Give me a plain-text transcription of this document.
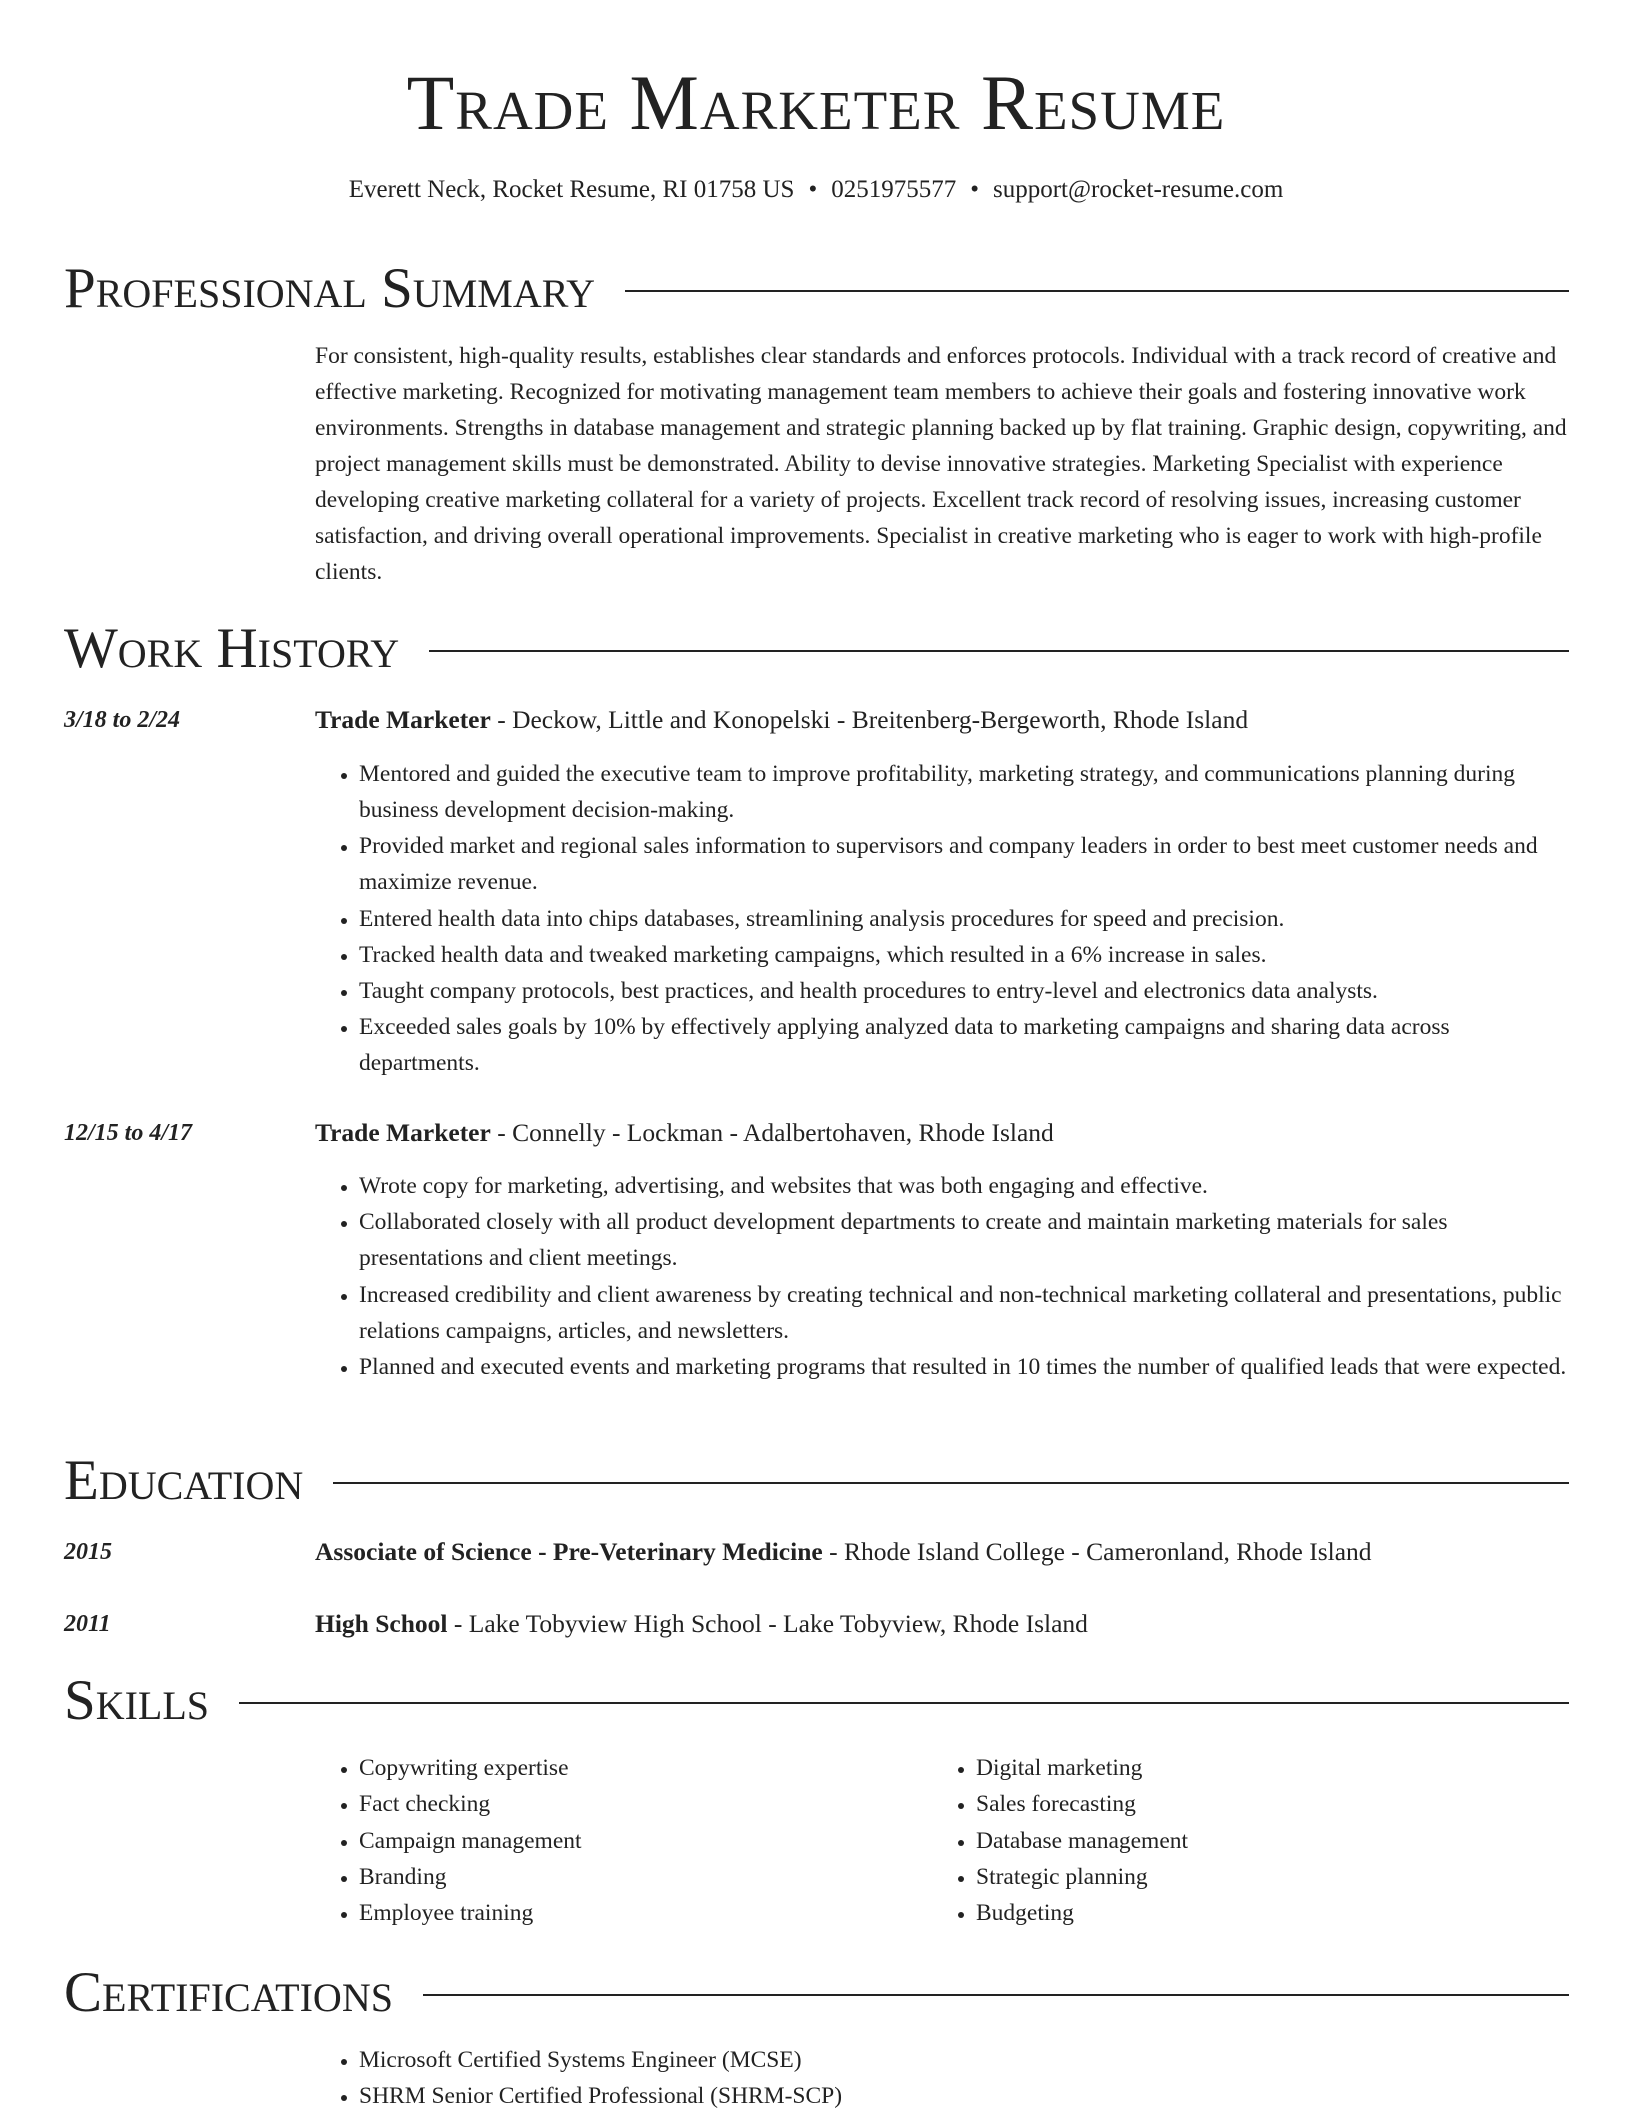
Trade Marketer Resume
Everett Neck, Rocket Resume, RI 01758 US • 0251975577 • support@rocket-resume.com
Professional Summary
For consistent, high-quality results, establishes clear standards and enforces protocols. Individual with a track record of creative and effective marketing. Recognized for motivating management team members to achieve their goals and fostering innovative work environments. Strengths in database management and strategic planning backed up by flat training. Graphic design, copywriting, and project management skills must be demonstrated. Ability to devise innovative strategies. Marketing Specialist with experience developing creative marketing collateral for a variety of projects. Excellent track record of resolving issues, increasing customer satisfaction, and driving overall operational improvements. Specialist in creative marketing who is eager to work with high-profile clients.
Work History
3/18 to 2/24	Trade Marketer - Deckow, Little and Konopelski - Breitenberg-Bergeworth, Rhode Island
• Mentored and guided the executive team to improve profitability, marketing strategy, and communications planning during business development decision-making.
• Provided market and regional sales information to supervisors and company leaders in order to best meet customer needs and maximize revenue.
• Entered health data into chips databases, streamlining analysis procedures for speed and precision.
• Tracked health data and tweaked marketing campaigns, which resulted in a 6% increase in sales.
• Taught company protocols, best practices, and health procedures to entry-level and electronics data analysts.
• Exceeded sales goals by 10% by effectively applying analyzed data to marketing campaigns and sharing data across departments.
12/15 to 4/17	Trade Marketer - Connelly - Lockman - Adalbertohaven, Rhode Island
• Wrote copy for marketing, advertising, and websites that was both engaging and effective.
• Collaborated closely with all product development departments to create and maintain marketing materials for sales presentations and client meetings.
• Increased credibility and client awareness by creating technical and non-technical marketing collateral and presentations, public relations campaigns, articles, and newsletters.
• Planned and executed events and marketing programs that resulted in 10 times the number of qualified leads that were expected.
Education
2015	Associate of Science - Pre-Veterinary Medicine - Rhode Island College - Cameronland, Rhode Island
2011	High School - Lake Tobyview High School - Lake Tobyview, Rhode Island
Skills
• Copywriting expertise
• Fact checking
• Campaign management
• Branding
• Employee training
• Digital marketing
• Sales forecasting
• Database management
• Strategic planning
• Budgeting
Certifications
• Microsoft Certified Systems Engineer (MCSE)
• SHRM Senior Certified Professional (SHRM-SCP)
